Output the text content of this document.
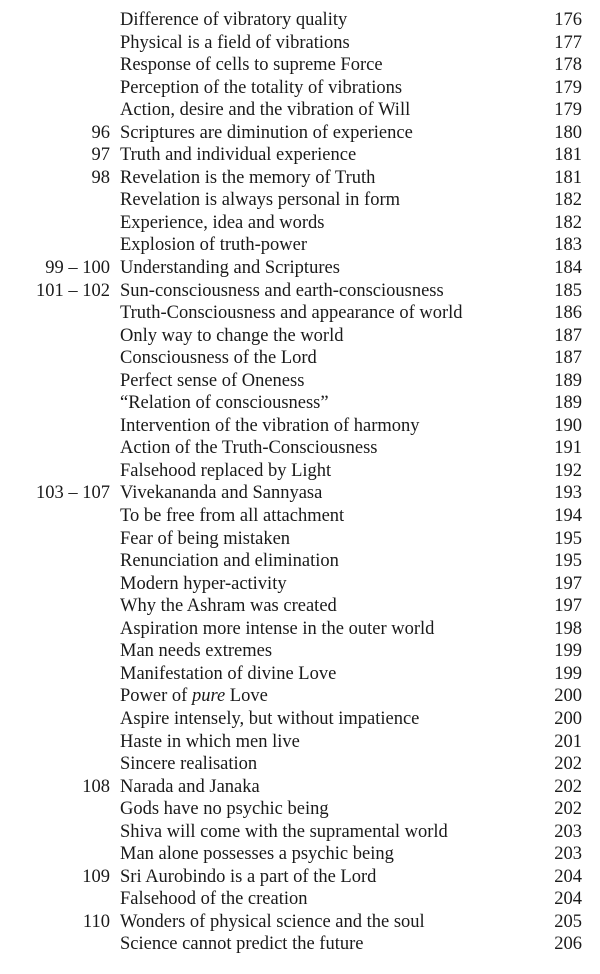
Difference of vibratory quality	176
Physical is a field of vibrations	177
Response of cells to supreme Force	178
Perception of the totality of vibrations	179
Action, desire and the vibration of Will	179
96 Scriptures are diminution of experience	180
97 Truth and individual experience	181
98 Revelation is the memory of Truth	181
Revelation is always personal in form	182
Experience, idea and words	182
Explosion of truth-power	183
99 – 100 Understanding and Scriptures	184
101 – 102 Sun-consciousness and earth-consciousness	185
Truth-Consciousness and appearance of world	186
Only way to change the world	187
Consciousness of the Lord	187
Perfect sense of Oneness	189
“Relation of consciousness”	189
Intervention of the vibration of harmony	190
Action of the Truth-Consciousness	191
Falsehood replaced by Light	192
103 – 107 Vivekananda and Sannyasa	193
To be free from all attachment	194
Fear of being mistaken	195
Renunciation and elimination	195
Modern hyper-activity	197
Why the Ashram was created	197
Aspiration more intense in the outer world	198
Man needs extremes	199
Manifestation of divine Love	199
Power of pure Love	200
Aspire intensely, but without impatience	200
Haste in which men live	201
Sincere realisation	202
108 Narada and Janaka	202
Gods have no psychic being	202
Shiva will come with the supramental world	203
Man alone possesses a psychic being	203
109 Sri Aurobindo is a part of the Lord	204
Falsehood of the creation	204
110 Wonders of physical science and the soul	205
Science cannot predict the future	206
